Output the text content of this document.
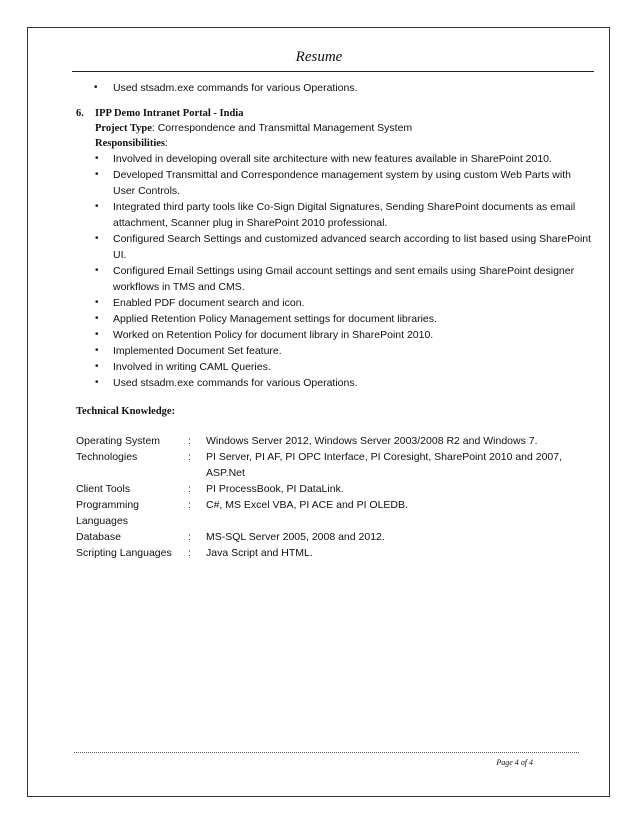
Resume
• Used stsadm.exe commands for various Operations.
6.	IPP Demo Intranet Portal - India
Project Type: Correspondence and Transmittal Management System
Responsibilities:
• Involved in developing overall site architecture with new features available in SharePoint 2010.
• Developed Transmittal and Correspondence management system by using custom Web Parts with User Controls.
• Integrated third party tools like Co-Sign Digital Signatures, Sending SharePoint documents as email attachment, Scanner plug in SharePoint 2010 professional.
• Configured Search Settings and customized advanced search according to list based using SharePoint UI.
• Configured Email Settings using Gmail account settings and sent emails using SharePoint designer workflows in TMS and CMS.
• Enabled PDF document search and icon.
• Applied Retention Policy Management settings for document libraries.
• Worked on Retention Policy for document library in SharePoint 2010.
• Implemented Document Set feature.
• Involved in writing CAML Queries.
• Used stsadm.exe commands for various Operations.
Technical Knowledge:
Operating System	:	Windows Server 2012, Windows Server 2003/2008 R2 and Windows 7.
Technologies	:	PI Server, PI AF, PI OPC Interface, PI Coresight, SharePoint 2010 and 2007, ASP.Net
Client Tools	:	PI ProcessBook, PI DataLink.
Programming Languages
:	C#, MS Excel VBA, PI ACE and PI OLEDB.
Database	:	MS-SQL Server 2005, 2008 and 2012.
Scripting Languages	:	Java Script and HTML.
Page 4 of 4
